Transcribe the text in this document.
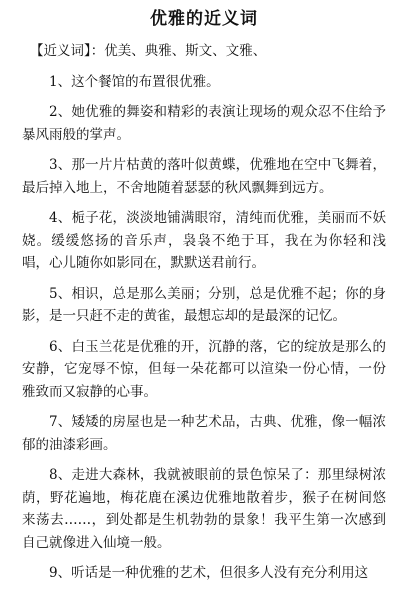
优雅的近义词

【近义词】：优美、典雅、斯文、文雅、

1、这个餐馆的布置很优雅。

2、她优雅的舞姿和精彩的表演让现场的观众忍不住给予暴风雨般的掌声。

3、那一片片枯黄的落叶似黄蝶，优雅地在空中飞舞着，最后掉入地上，不舍地随着瑟瑟的秋风飘舞到远方。

4、栀子花，淡淡地铺满眼帘，清纯而优雅，美丽而不妖娆。缓缓悠扬的音乐声，袅袅不绝于耳，我在为你轻和浅唱，心儿随你如影同在，默默送君前行。

5、相识，总是那么美丽；分别，总是优雅不起；你的身影，是一只赶不走的黄雀，最想忘却的是最深的记忆。

6、白玉兰花是优雅的开，沉静的落，它的绽放是那么的安静，它宠辱不惊，但每一朵花都可以渲染一份心情，一份雅致而又寂静的心事。

7、矮矮的房屋也是一种艺术品，古典、优雅，像一幅浓郁的油漆彩画。

8、走进大森林，我就被眼前的景色惊呆了：那里绿树浓荫，野花遍地，梅花鹿在溪边优雅地散着步，猴子在树间悠来荡去……，到处都是生机勃勃的景象！我平生第一次感到自己就像进入仙境一般。

9、听话是一种优雅的艺术，但很多人没有充分利用这
